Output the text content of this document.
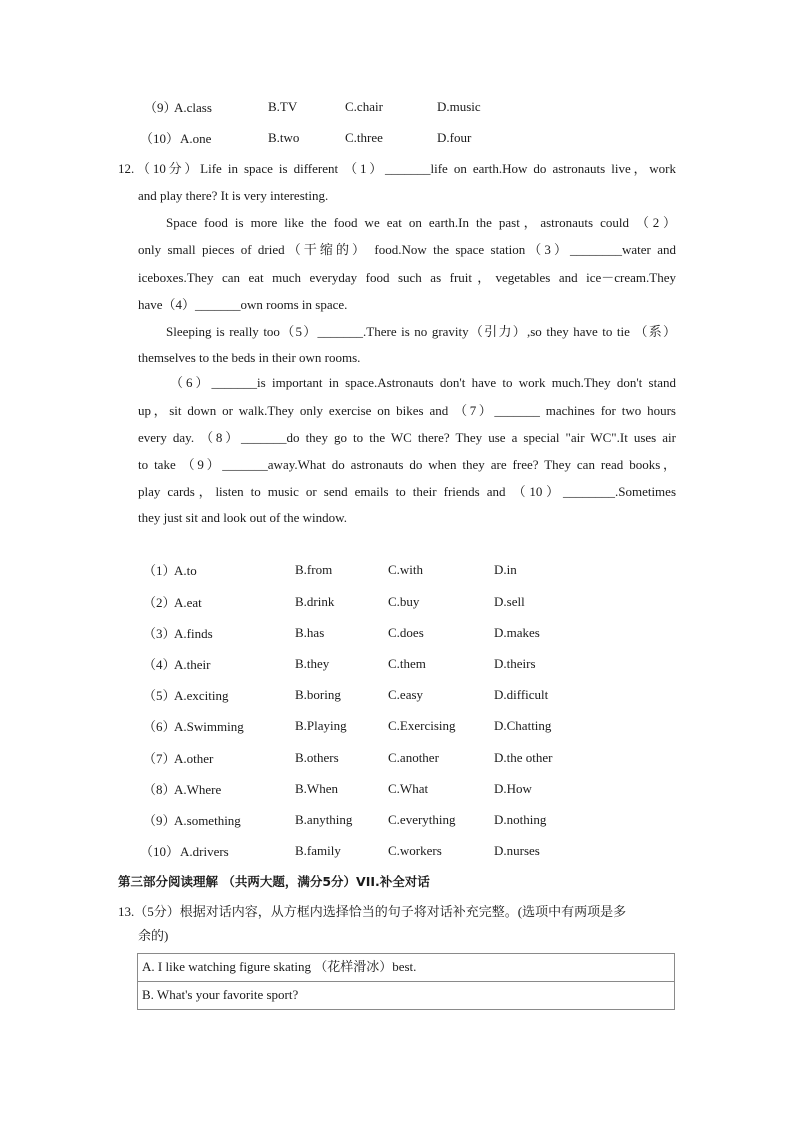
（9）
A.class	B.TV	C.chair	D.music
（10） A.one	B.two	C.three	D.four
12.（10分）Life in space is different （1）_______life on earth.How do astronauts live，work
and play there? It is very interesting.
Space food is more like the food we eat on earth.In the past，astronauts could （2）
only small pieces of dried（干缩的） food.Now the space station（3）________water and
iceboxes.They can eat much everyday food such as fruit，vegetables and ice－cream.They
have（4）_______own rooms in space.
Sleeping is really too（5）_______.There is no gravity（引力）,so they have to tie （系）
themselves to the beds in their own rooms.
（6）_______is important in space.Astronauts don't have to work much.They don't stand
up，sit down or walk.They only exercise on bikes and （7）_______ machines for two hours
every day. （8）_______do they go to the WC there? They use a special "air WC".It uses air
to take （9）_______away.What do astronauts do when they are free? They can read books，
play cards，listen to music or send emails to their friends and （10）________.Sometimes
they just sit and look out of the window.
（1）
A.to	B.from	C.with	D.in
（2）
A.eat	B.drink	C.buy	D.sell
（3）
A.finds	B.has	C.does	D.makes
（4）
A.their	B.they	C.them	D.theirs
（5）
A.exciting	B.boring	C.easy	D.difficult
（6）
A.Swimming	B.Playing	C.Exercising	D.Chatting
（7）
A.other	B.others	C.another	D.the other
（8）
A.Where	B.When	C.What	D.How
（9）
A.something	B.anything	C.everything	D.nothing
（10） A.drivers	B.family	C.workers	D.nurses
第三部分阅读理解 （共两大题，满分5分）VII.补全对话
13.（5分）根据对话内容，从方框内选择恰当的句子将对话补充完整。(选项中有两项是多
余的)
A. I like watching figure skating （花样滑冰）best.
B. What's your favorite sport?
